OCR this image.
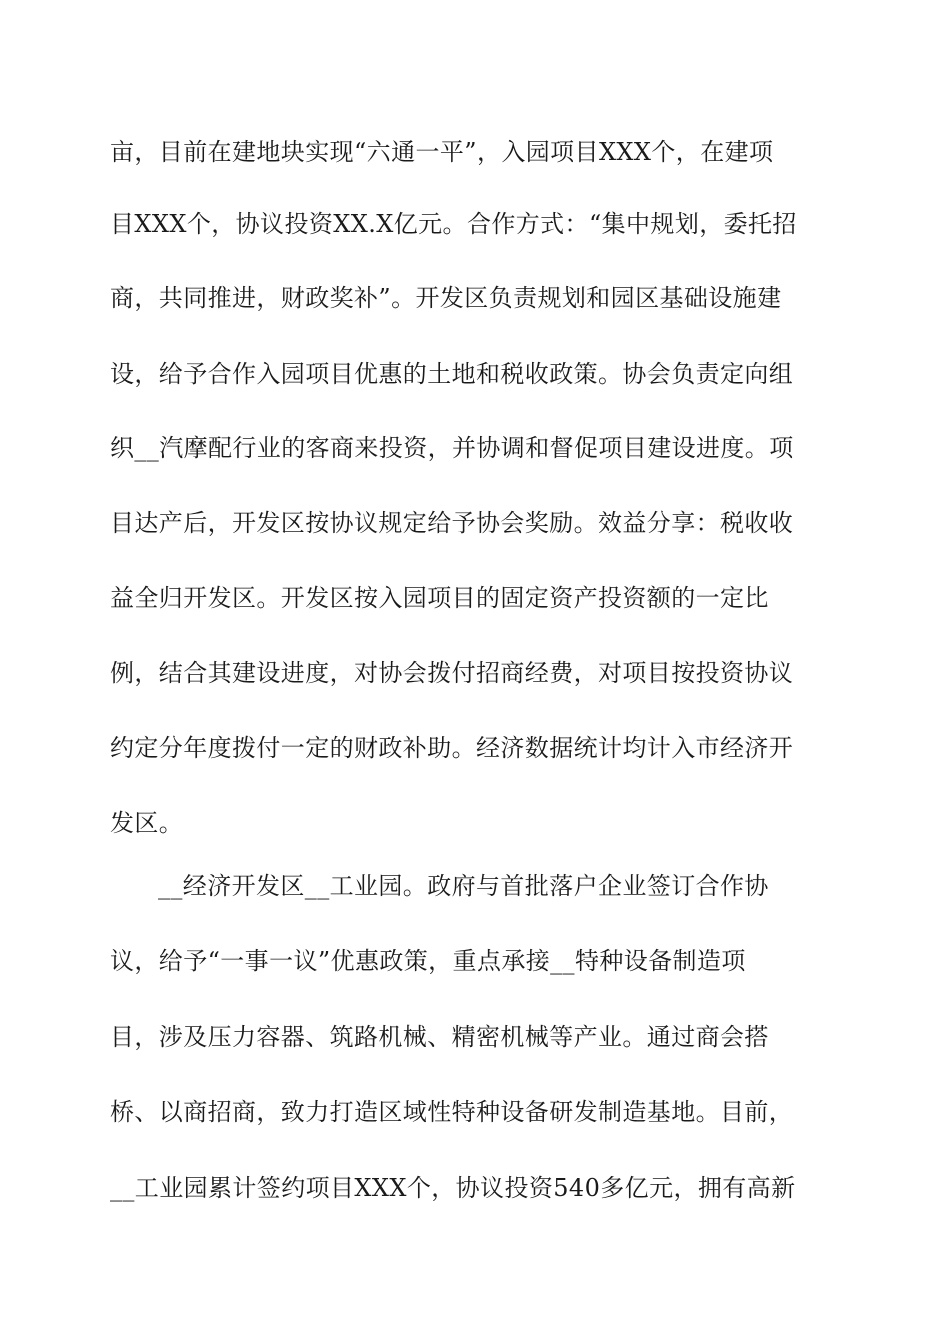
亩，目前在建地块实现“六通一平”，入园项目XXX个，在建项
目XXX个，协议投资XX.X亿元。合作方式：“集中规划，委托招
商，共同推进，财政奖补”。开发区负责规划和园区基础设施建
设，给予合作入园项目优惠的土地和税收政策。协会负责定向组
织__汽摩配行业的客商来投资，并协调和督促项目建设进度。项
目达产后，开发区按协议规定给予协会奖励。效益分享：税收收
益全归开发区。开发区按入园项目的固定资产投资额的一定比
例，结合其建设进度，对协会拨付招商经费，对项目按投资协议
约定分年度拨付一定的财政补助。经济数据统计均计入市经济开
发区。
__经济开发区__工业园。政府与首批落户企业签订合作协
议，给予“一事一议”优惠政策，重点承接__特种设备制造项
目，涉及压力容器、筑路机械、精密机械等产业。通过商会搭
桥、以商招商，致力打造区域性特种设备研发制造基地。目前，
__工业园累计签约项目XXX个，协议投资540多亿元，拥有高新
